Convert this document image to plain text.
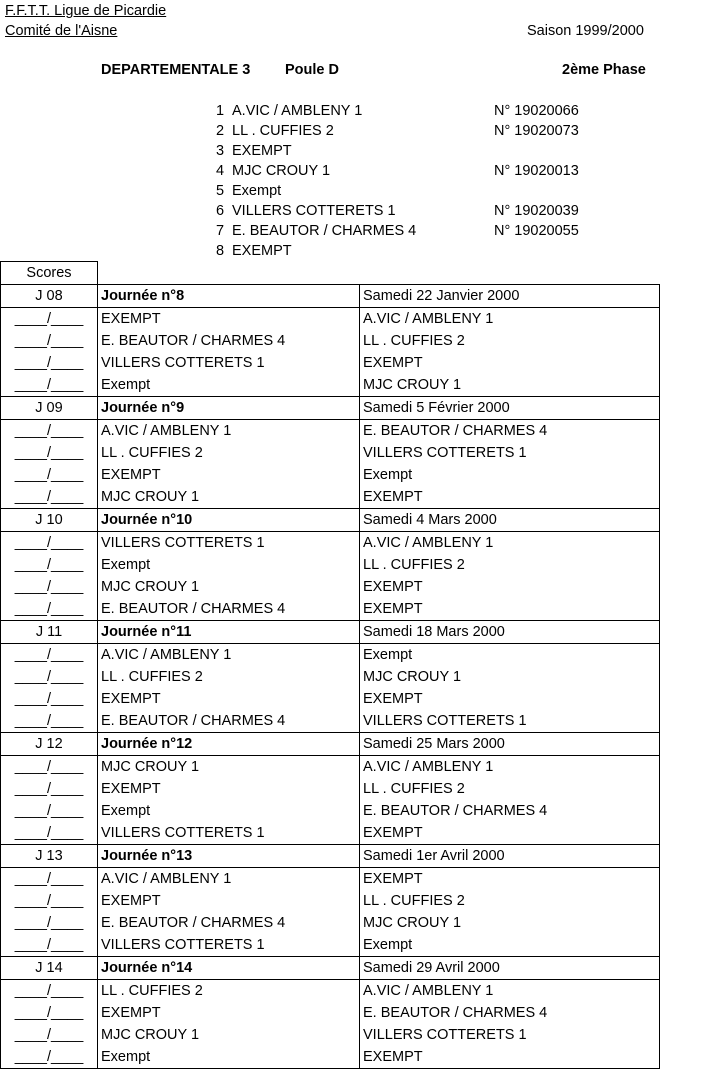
F.F.T.T. Ligue de Picardie
Comité de l'Aisne	Saison 1999/2000
DEPARTEMENTALE 3 Poule D	2ème Phase
1 A.VIC / AMBLENY 1	N° 19020066
2 LL . CUFFIES 2	N° 19020073
3 EXEMPT
4 MJC CROUY 1	N° 19020013
5 Exempt
6 VILLERS COTTERETS 1	N° 19020039
7 E. BEAUTOR / CHARMES 4	N° 19020055
8 EXEMPT
Scores		
J 08	Journée n°8	Samedi 22 Janvier 2000
____/____	EXEMPT	A.VIC / AMBLENY 1
____/____	E. BEAUTOR / CHARMES 4	LL . CUFFIES 2
____/____	VILLERS COTTERETS 1	EXEMPT
____/____	Exempt	MJC CROUY 1
J 09	Journée n°9	Samedi 5 Février 2000
____/____	A.VIC / AMBLENY 1	E. BEAUTOR / CHARMES 4
____/____	LL . CUFFIES 2	VILLERS COTTERETS 1
____/____	EXEMPT	Exempt
____/____	MJC CROUY 1	EXEMPT
J 10	Journée n°10	Samedi 4 Mars 2000
____/____	VILLERS COTTERETS 1	A.VIC / AMBLENY 1
____/____	Exempt	LL . CUFFIES 2
____/____	MJC CROUY 1	EXEMPT
____/____	E. BEAUTOR / CHARMES 4	EXEMPT
J 11	Journée n°11	Samedi 18 Mars 2000
____/____	A.VIC / AMBLENY 1	Exempt
____/____	LL . CUFFIES 2	MJC CROUY 1
____/____	EXEMPT	EXEMPT
____/____	E. BEAUTOR / CHARMES 4	VILLERS COTTERETS 1
J 12	Journée n°12	Samedi 25 Mars 2000
____/____	MJC CROUY 1	A.VIC / AMBLENY 1
____/____	EXEMPT	LL . CUFFIES 2
____/____	Exempt	E. BEAUTOR / CHARMES 4
____/____	VILLERS COTTERETS 1	EXEMPT
J 13	Journée n°13	Samedi 1er Avril 2000
____/____	A.VIC / AMBLENY 1	EXEMPT
____/____	EXEMPT	LL . CUFFIES 2
____/____	E. BEAUTOR / CHARMES 4	MJC CROUY 1
____/____	VILLERS COTTERETS 1	Exempt
J 14	Journée n°14	Samedi 29 Avril 2000
____/____	LL . CUFFIES 2	A.VIC / AMBLENY 1
____/____	EXEMPT	E. BEAUTOR / CHARMES 4
____/____	MJC CROUY 1	VILLERS COTTERETS 1
____/____	Exempt	EXEMPT
